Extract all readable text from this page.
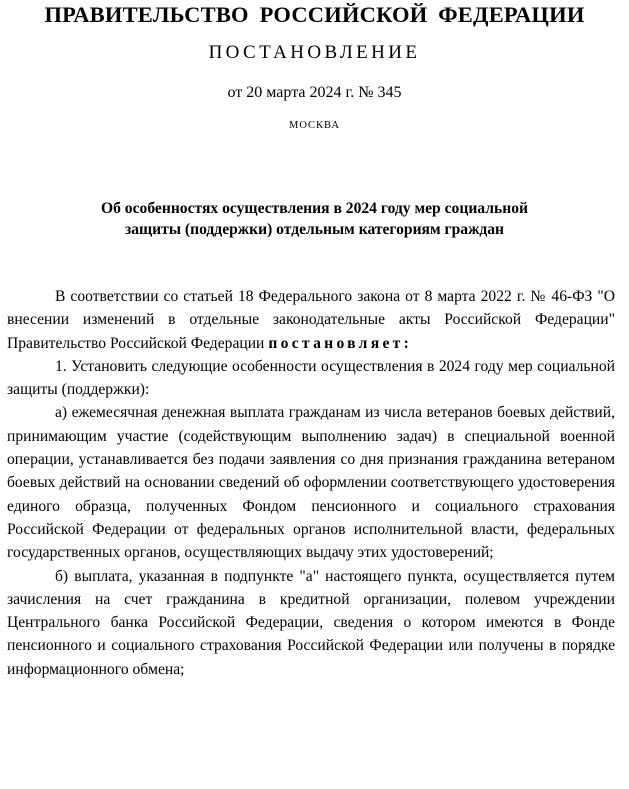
ПРАВИТЕЛЬСТВО РОССИЙСКОЙ ФЕДЕРАЦИИ
ПОСТАНОВЛЕНИЕ
от 20 марта 2024 г. № 345
МОСКВА
Об особенностях осуществления в 2024 году мер социальной
защиты (поддержки) отдельным категориям граждан

В соответствии со статьей 18 Федерального закона от 8 марта 2022 г. № 46-ФЗ "О внесении изменений в отдельные законодательные акты Российской Федерации" Правительство Российской Федерации постановляет:

1. Установить следующие особенности осуществления в 2024 году мер социальной защиты (поддержки):

а) ежемесячная денежная выплата гражданам из числа ветеранов боевых действий, принимающим участие (содействующим выполнению задач) в специальной военной операции, устанавливается без подачи заявления со дня признания гражданина ветераном боевых действий на основании сведений об оформлении соответствующего удостоверения единого образца, полученных Фондом пенсионного и социального страхования Российской Федерации от федеральных органов исполнительной власти, федеральных государственных органов, осуществляющих выдачу этих удостоверений;

б) выплата, указанная в подпункте "а" настоящего пункта, осуществляется путем зачисления на счет гражданина в кредитной организации, полевом учреждении Центрального банка Российской Федерации, сведения о котором имеются в Фонде пенсионного и социального страхования Российской Федерации или получены в порядке информационного обмена;
